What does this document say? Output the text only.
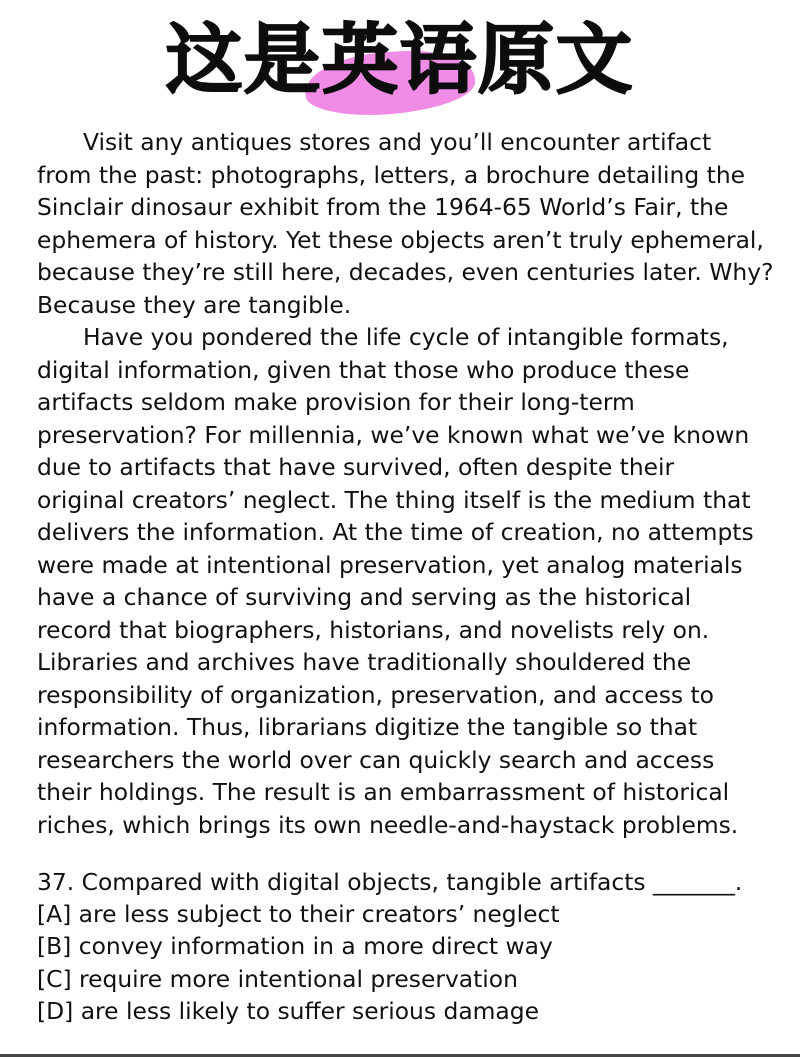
这是英语原文

Visit any antiques stores and you’ll encounter artifact
from the past: photographs, letters, a brochure detailing the
Sinclair dinosaur exhibit from the 1964-65 World’s Fair, the
ephemera of history. Yet these objects aren’t truly ephemeral,
because they’re still here, decades, even centuries later. Why?
Because they are tangible.

Have you pondered the life cycle of intangible formats,
digital information, given that those who produce these
artifacts seldom make provision for their long-term
preservation? For millennia, we’ve known what we’ve known
due to artifacts that have survived, often despite their
original creators’ neglect. The thing itself is the medium that
delivers the information. At the time of creation, no attempts
were made at intentional preservation, yet analog materials
have a chance of surviving and serving as the historical
record that biographers, historians, and novelists rely on.
Libraries and archives have traditionally shouldered the
responsibility of organization, preservation, and access to
information. Thus, librarians digitize the tangible so that
researchers the world over can quickly search and access
their holdings. The result is an embarrassment of historical
riches, which brings its own needle-and-haystack problems.

37. Compared with digital objects, tangible artifacts _______.

[A] are less subject to their creators’ neglect

[B] convey information in a more direct way

[C] require more intentional preservation

[D] are less likely to suffer serious damage
